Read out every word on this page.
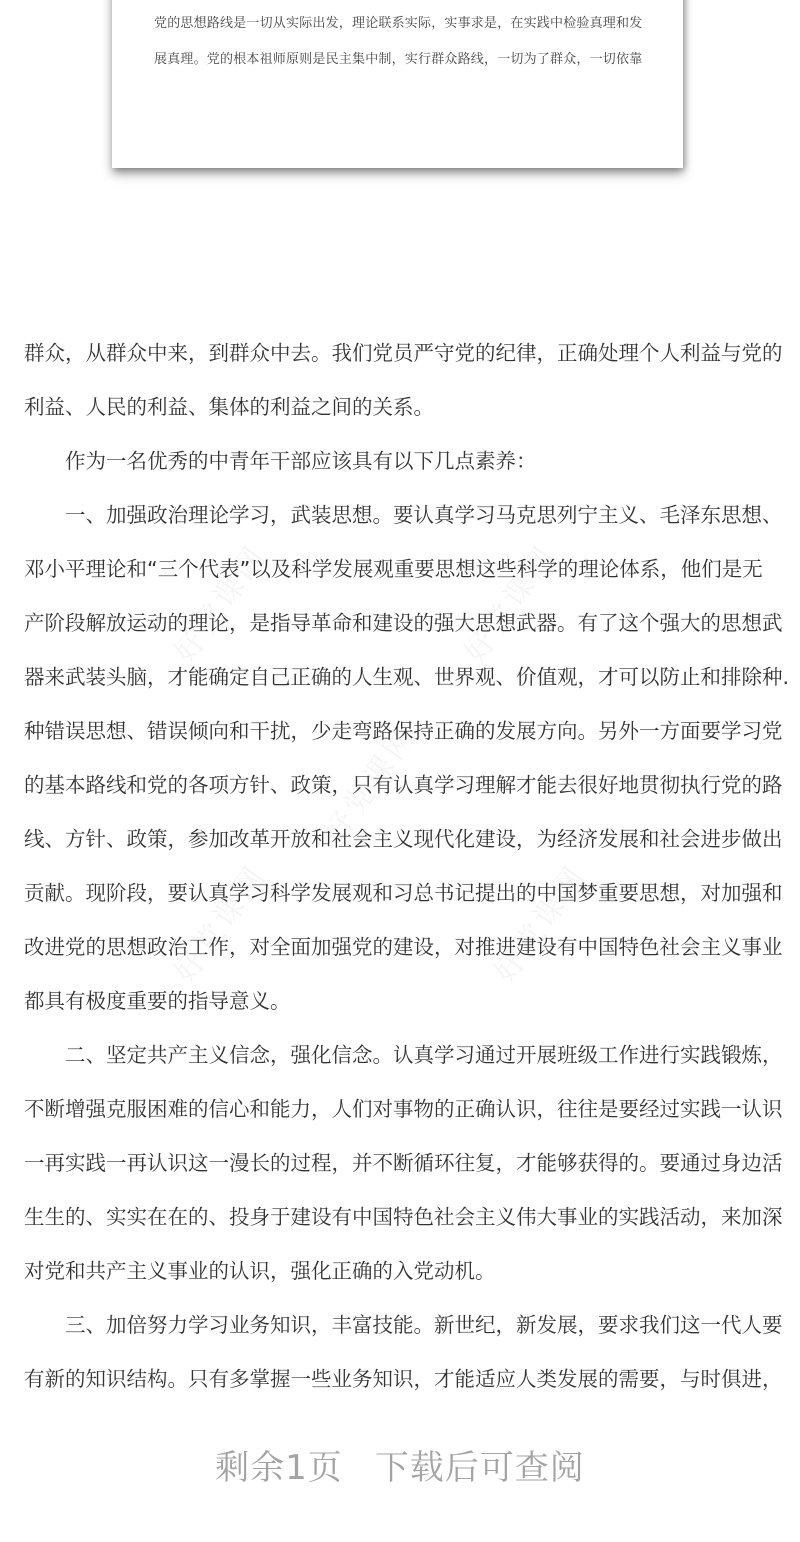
党的思想路线是一切从实际出发，理论联系实际，实事求是，在实践中检验真理和发
展真理。党的根本祖师原则是民主集中制，实行群众路线，一切为了群众，一切依靠
群众，从群众中来，到群众中去。我们党员严守党的纪律，正确处理个人利益与党的
利益、人民的利益、集体的利益之间的关系。
作为一名优秀的中青年干部应该具有以下几点素养：
一、加强政治理论学习，武装思想。要认真学习马克思列宁主义、毛泽东思想、
邓小平理论和“三个代表”以及科学发展观重要思想这些科学的理论体系，他们是无
产阶段解放运动的理论，是指导革命和建设的强大思想武器。有了这个强大的思想武
器来武装头脑，才能确定自己正确的人生观、世界观、价值观，才可以防止和排除种.
种错误思想、错误倾向和干扰，少走弯路保持正确的发展方向。另外一方面要学习党
的基本路线和党的各项方针、政策，只有认真学习理解才能去很好地贯彻执行党的路
线、方针、政策，参加改革开放和社会主义现代化建设，为经济发展和社会进步做出
贡献。现阶段，要认真学习科学发展观和习总书记提出的中国梦重要思想，对加强和
改进党的思想政治工作，对全面加强党的建设，对推进建设有中国特色社会主义事业
都具有极度重要的指导意义。
二、坚定共产主义信念，强化信念。认真学习通过开展班级工作进行实践锻炼，
不断增强克服困难的信心和能力，人们对事物的正确认识，往往是要经过实践一认识
一再实践一再认识这一漫长的过程，并不断循环往复，才能够获得的。要通过身边活
生生的、实实在在的、投身于建设有中国特色社会主义伟大事业的实践活动，来加深
对党和共产主义事业的认识，强化正确的入党动机。
三、加倍努力学习业务知识，丰富技能。新世纪，新发展，要求我们这一代人要
有新的知识结构。只有多掌握一些业务知识，才能适应人类发展的需要，与时俱进，
剩余1页 下载后可查阅
